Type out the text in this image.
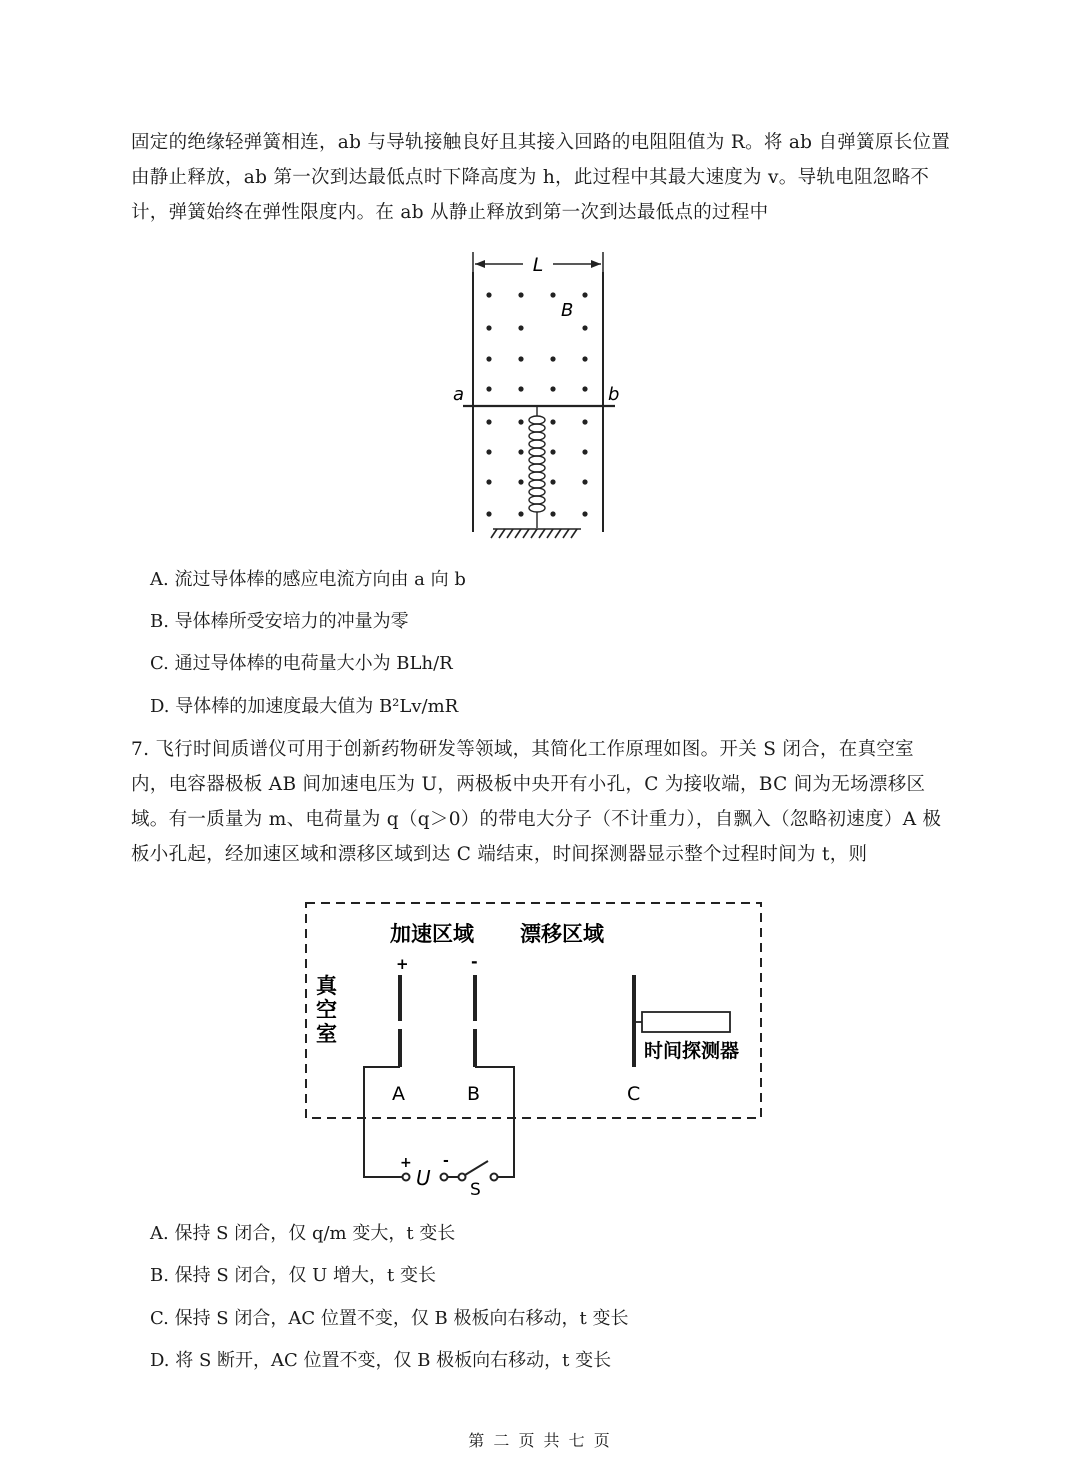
固定的绝缘轻弹簧相连，ab 与导轨接触良好且其接入回路的电阻阻值为 R。将 ab 自弹簧原长位置
由静止释放，ab 第一次到达最低点时下降高度为 h，此过程中其最大速度为 v。导轨电阻忽略不
计，弹簧始终在弹性限度内。在 ab 从静止释放到第一次到达最低点的过程中
L
a	b
B
A. 流过导体棒的感应电流方向由 a 向 b
B. 导体棒所受安培力的冲量为零
C. 通过导体棒的电荷量大小为 BLh/R
D. 导体棒的加速度最大值为 B²Lv/mR
7. 飞行时间质谱仪可用于创新药物研发等领域，其简化工作原理如图。开关 S 闭合，在真空室
内，电容器极板 AB 间加速电压为 U，两极板中央开有小孔，C 为接收端，BC 间为无场漂移区
域。有一质量为 m、电荷量为 q（q＞0）的带电大分子（不计重力），自飘入（忽略初速度）A 极
板小孔起，经加速区域和漂移区域到达 C 端结束，时间探测器显示整个过程时间为 t，则
加速区域 漂移区域
真
空
室
+	-
时间探测器
A	B	C
+ -
U S
A. 保持 S 闭合，仅 q/m 变大，t 变长
B. 保持 S 闭合，仅 U 增大，t 变长
C. 保持 S 闭合，AC 位置不变，仅 B 极板向右移动，t 变长
D. 将 S 断开，AC 位置不变，仅 B 极板向右移动，t 变长
第 二 页 共 七 页
